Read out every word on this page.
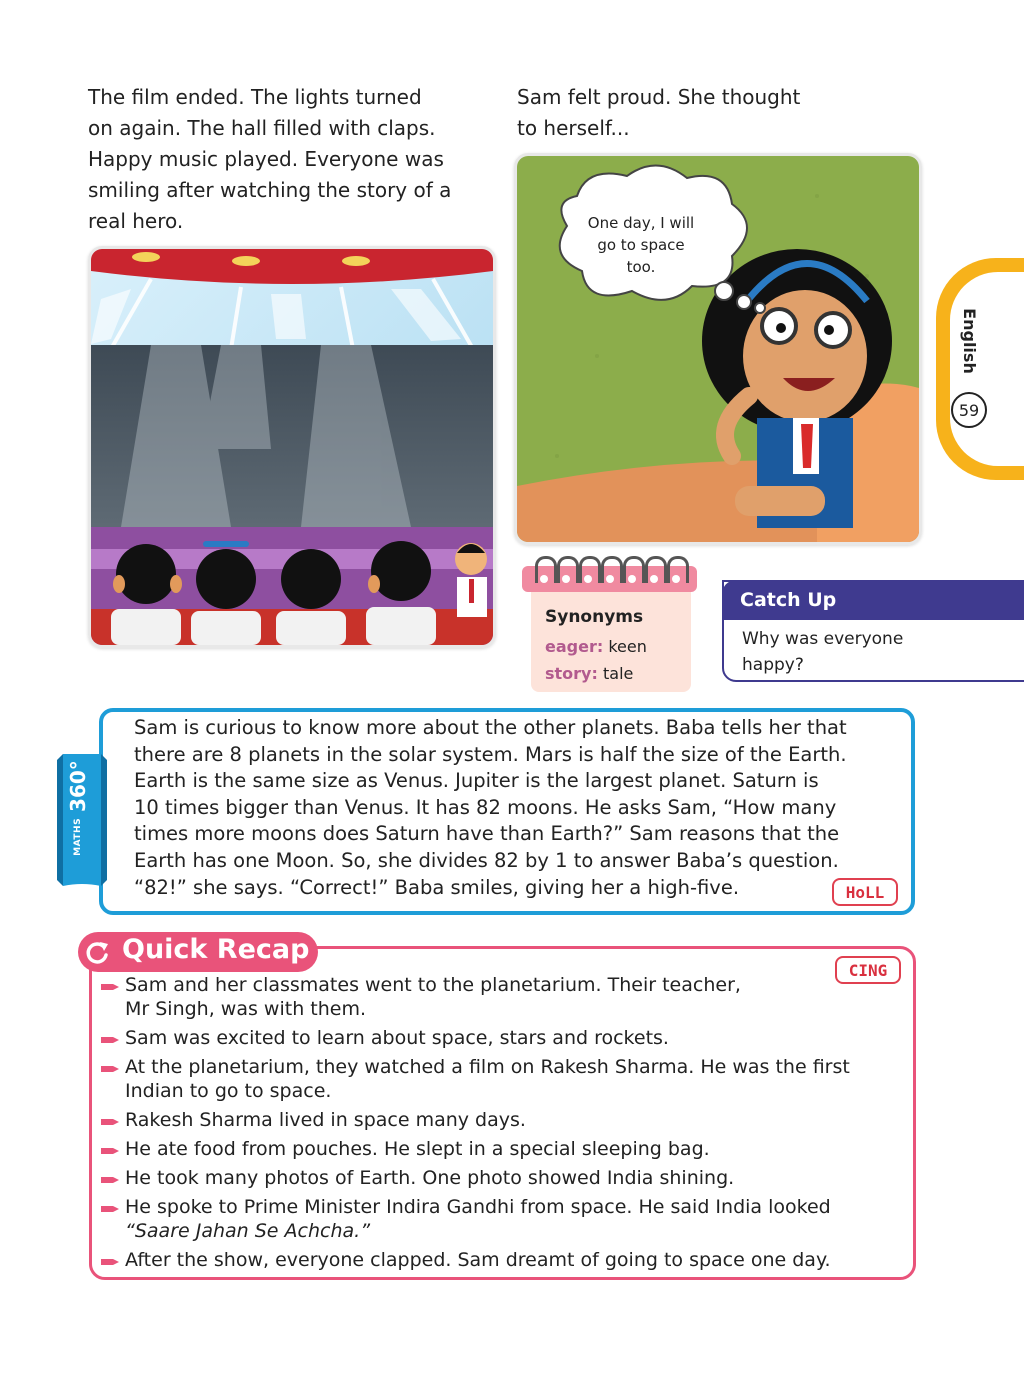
The film ended. The lights turned
on again. The hall filled with claps.
Happy music played. Everyone was
smiling after watching the story of a
real hero.
Sam felt proud. She thought
to herself...
One day, I will
go to space
too.
English
59
Synonyms
eager: keen
story: tale
Catch Up
Why was everyone
happy?
MATHS
360°
Sam is curious to know more about the other planets. Baba tells her that
there are 8 planets in the solar system. Mars is half the size of the Earth.
Earth is the same size as Venus. Jupiter is the largest planet. Saturn is
10 times bigger than Venus. It has 82 moons. He asks Sam, “How many
times more moons does Saturn have than Earth?” Sam reasons that the
Earth has one Moon. So, she divides 82 by 1 to answer Baba’s question.
“82!” she says. “Correct!” Baba smiles, giving her a high-five.	HoLL
Quick Recap
CING
Sam and her classmates went to the planetarium. Their teacher,
Mr Singh, was with them.
Sam was excited to learn about space, stars and rockets.
At the planetarium, they watched a film on Rakesh Sharma. He was the first
Indian to go to space.
Rakesh Sharma lived in space many days.
He ate food from pouches. He slept in a special sleeping bag.
He took many photos of Earth. One photo showed India shining.
He spoke to Prime Minister Indira Gandhi from space. He said India looked
“Saare Jahan Se Achcha.”
After the show, everyone clapped. Sam dreamt of going to space one day.
